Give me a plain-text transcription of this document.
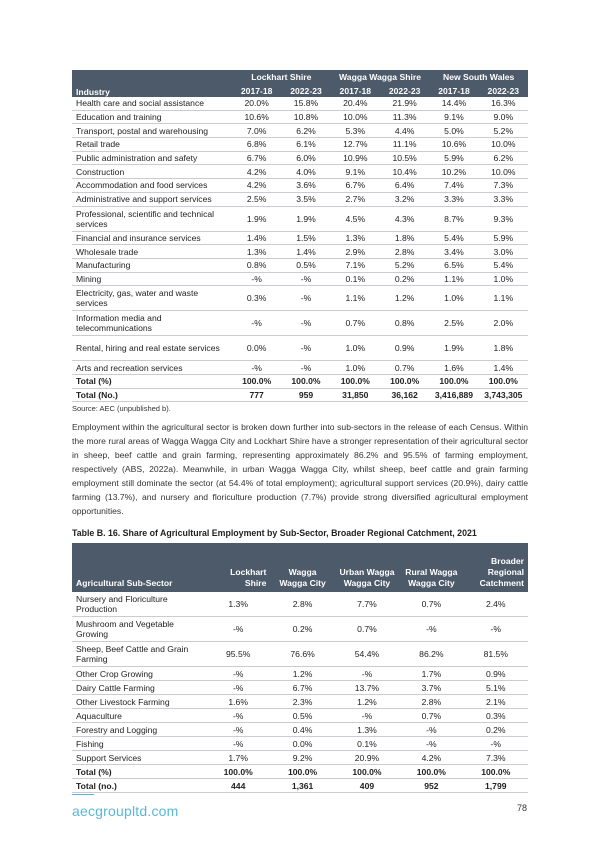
Industry	Lockhart Shire		Wagga Wagga Shire		New South Wales	
	2017-18	2022-23	2017-18	2022-23	2017-18	2022-23
Health care and social assistance	20.0%	15.8%	20.4%	21.9%	14.4%	16.3%
Education and training	10.6%	10.8%	10.0%	11.3%	9.1%	9.0%
Transport, postal and warehousing	7.0%	6.2%	5.3%	4.4%	5.0%	5.2%
Retail trade	6.8%	6.1%	12.7%	11.1%	10.6%	10.0%
Public administration and safety	6.7%	6.0%	10.9%	10.5%	5.9%	6.2%
Construction	4.2%	4.0%	9.1%	10.4%	10.2%	10.0%
Accommodation and food services	4.2%	3.6%	6.7%	6.4%	7.4%	7.3%
Administrative and support services	2.5%	3.5%	2.7%	3.2%	3.3%	3.3%
Professional, scientific and technical services	1.9%	1.9%	4.5%	4.3%	8.7%	9.3%
Financial and insurance services	1.4%	1.5%	1.3%	1.8%	5.4%	5.9%
Wholesale trade	1.3%	1.4%	2.9%	2.8%	3.4%	3.0%
Manufacturing	0.8%	0.5%	7.1%	5.2%	6.5%	5.4%
Mining	-%	-%	0.1%	0.2%	1.1%	1.0%
Electricity, gas, water and waste services	0.3%	-%	1.1%	1.2%	1.0%	1.1%
Information media and telecommunications	-%	-%	0.7%	0.8%	2.5%	2.0%
Rental, hiring and real estate services	0.0%	-%	1.0%	0.9%	1.9%	1.8%
Arts and recreation services	-%	-%	1.0%	0.7%	1.6%	1.4%
Total (%)	100.0%	100.0%	100.0%	100.0%	100.0%	100.0%
Total (No.)	777	959	31,850	36,162	3,416,889	3,743,305
Source: AEC (unpublished b).

Employment within the agricultural sector is broken down further into sub-sectors in the release of each Census. Within the more rural areas of Wagga Wagga City and Lockhart Shire have a stronger representation of their agricultural sector in sheep, beef cattle and grain farming, representing approximately 86.2% and 95.5% of farming employment, respectively (ABS, 2022a). Meanwhile, in urban Wagga Wagga City, whilst sheep, beef cattle and grain farming employment still dominate the sector (at 54.4% of total employment); agricultural support services (20.9%), dairy cattle farming (13.7%), and nursery and floriculture production (7.7%) provide strong diversified agricultural employment opportunities.

Table B. 16. Share of Agricultural Employment by Sub-Sector, Broader Regional Catchment, 2021
Agricultural Sub-Sector	Lockhart Shire	Wagga Wagga City	Urban Wagga Wagga City	Rural Wagga Wagga City	Broader Regional Catchment
Nursery and Floriculture Production	1.3%	2.8%	7.7%	0.7%	2.4%
Mushroom and Vegetable Growing	-%	0.2%	0.7%	-%	-%
Sheep, Beef Cattle and Grain Farming	95.5%	76.6%	54.4%	86.2%	81.5%
Other Crop Growing	-%	1.2%	-%	1.7%	0.9%
Dairy Cattle Farming	-%	6.7%	13.7%	3.7%	5.1%
Other Livestock Farming	1.6%	2.3%	1.2%	2.8%	2.1%
Aquaculture	-%	0.5%	-%	0.7%	0.3%
Forestry and Logging	-%	0.4%	1.3%	-%	0.2%
Fishing	-%	0.0%	0.1%	-%	-%
Support Services	1.7%	9.2%	20.9%	4.2%	7.3%
Total (%)	100.0%	100.0%	100.0%	100.0%	100.0%
Total (no.)	444	1,361	409	952	1,799
aecgroupltd.com	78
